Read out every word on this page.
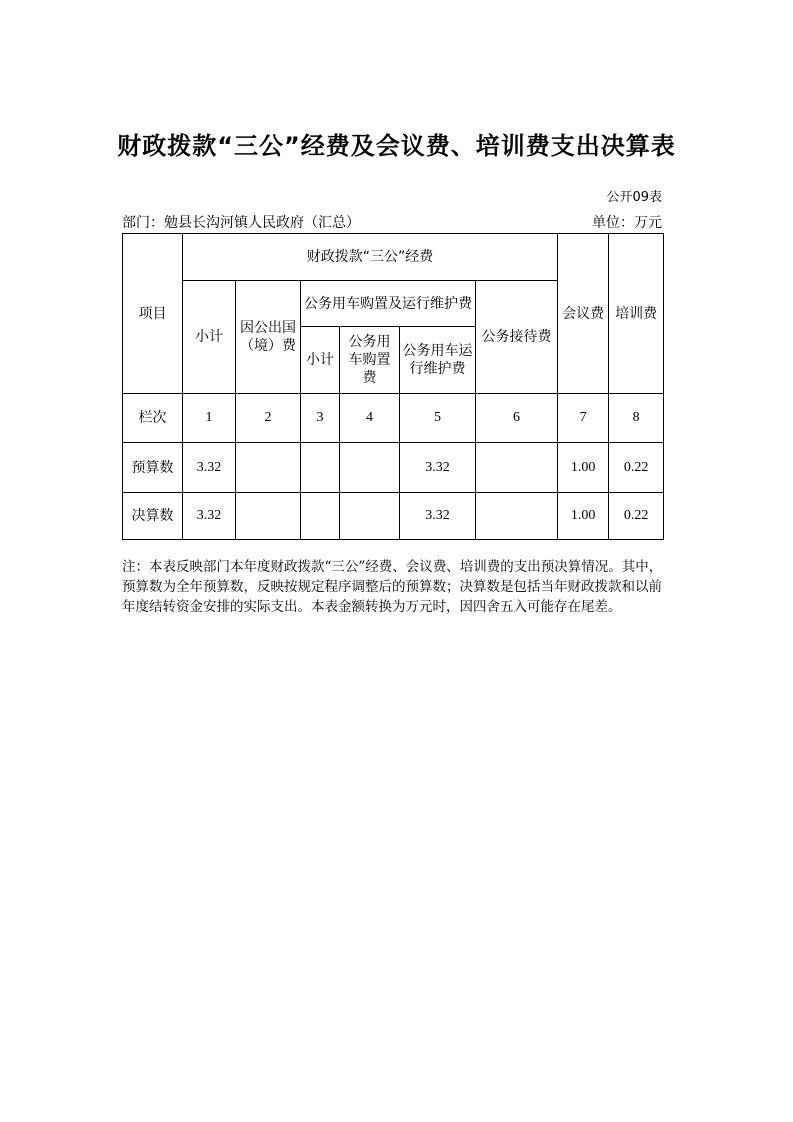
财政拨款“三公”经费及会议费、培训费支出决算表
公开09表
部门：勉县长沟河镇人民政府（汇总）	单位：万元
项目	财政拨款“三公”经费						会议费	培训费
	小计	因公出国（境）费	公务用车购置及运行维护费			公务接待费		
			小计	公务用车购置费	公务用车运行维护费			
栏次	1	2	3	4	5	6	7	8
预算数	3.32				3.32		1.00	0.22
决算数	3.32				3.32		1.00	0.22
注：本表反映部门本年度财政拨款“三公”经费、会议费、培训费的支出预决算情况。其中，预算数为全年预算数，反映按规定程序调整后的预算数；决算数是包括当年财政拨款和以前年度结转资金安排的实际支出。本表金额转换为万元时，因四舍五入可能存在尾差。
